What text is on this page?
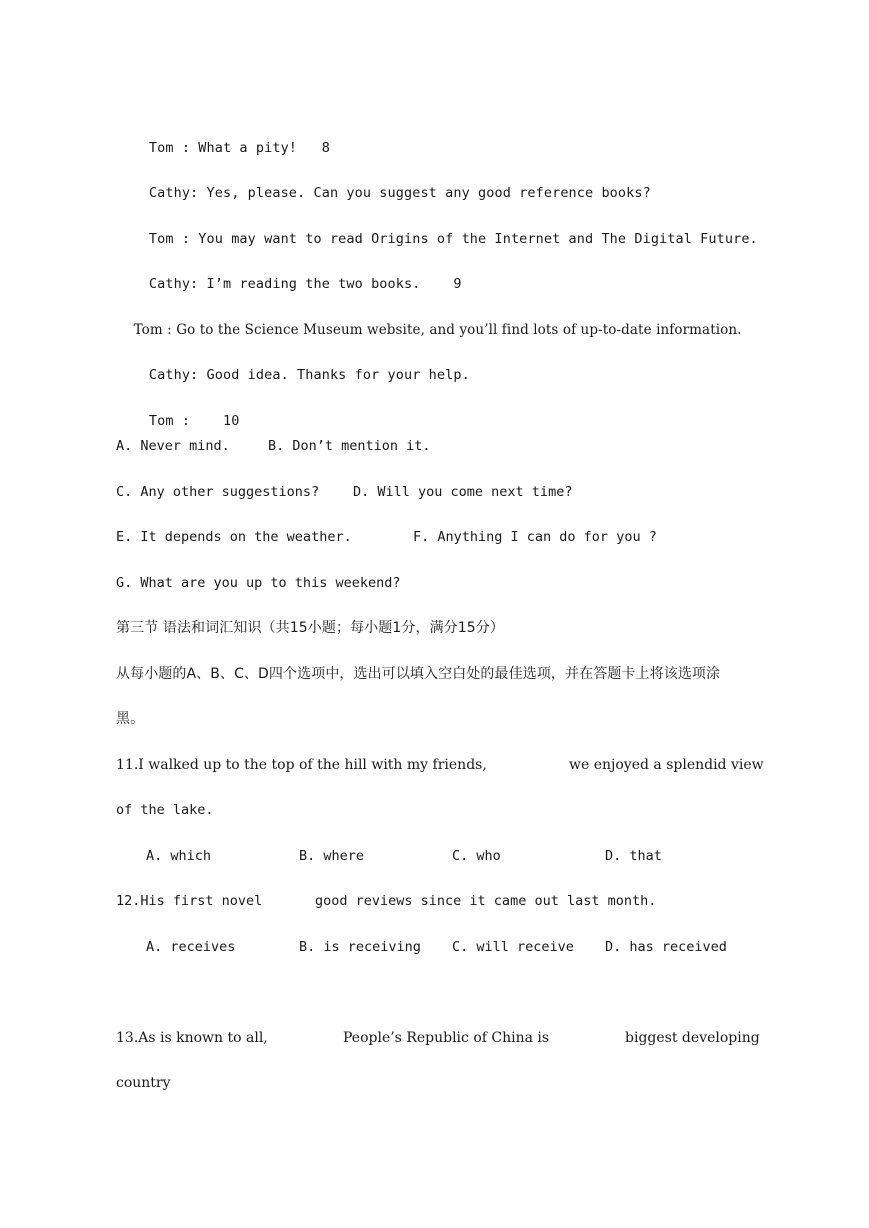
Tom : What a pity! 8

Cathy: Yes, please. Can you suggest any good reference books?

Tom : You may want to read Origins of the Internet and The Digital Future.

Cathy: I’m reading the two books. 9

Tom : Go to the Science Museum website, and you’ll find lots of up-to-date information.

Cathy: Good idea. Thanks for your help.

Tom : 10

A. Never mind.	B. Don’t mention it.
C. Any other suggestions?	D. Will you come next time?
E. It depends on the weather.	F. Anything I can do for you ?
G. What are you up to this weekend?
第三节 语法和词汇知识（共15小题；每小题1分，满分15分）
从每小题的A、B、C、D四个选项中，选出可以填入空白处的最佳选项，并在答题卡上将该选项涂
黑。
11.I walked up to the top of the hill with my friends,	we enjoyed a splendid view
of the lake.
A. which	B. where	C. who	D. that
12.His first novel	good reviews since it came out last month.
A. receives	B. is receiving C. will receive D. has received
13.As is known to all,	People’s Republic of China is	biggest developing
country
